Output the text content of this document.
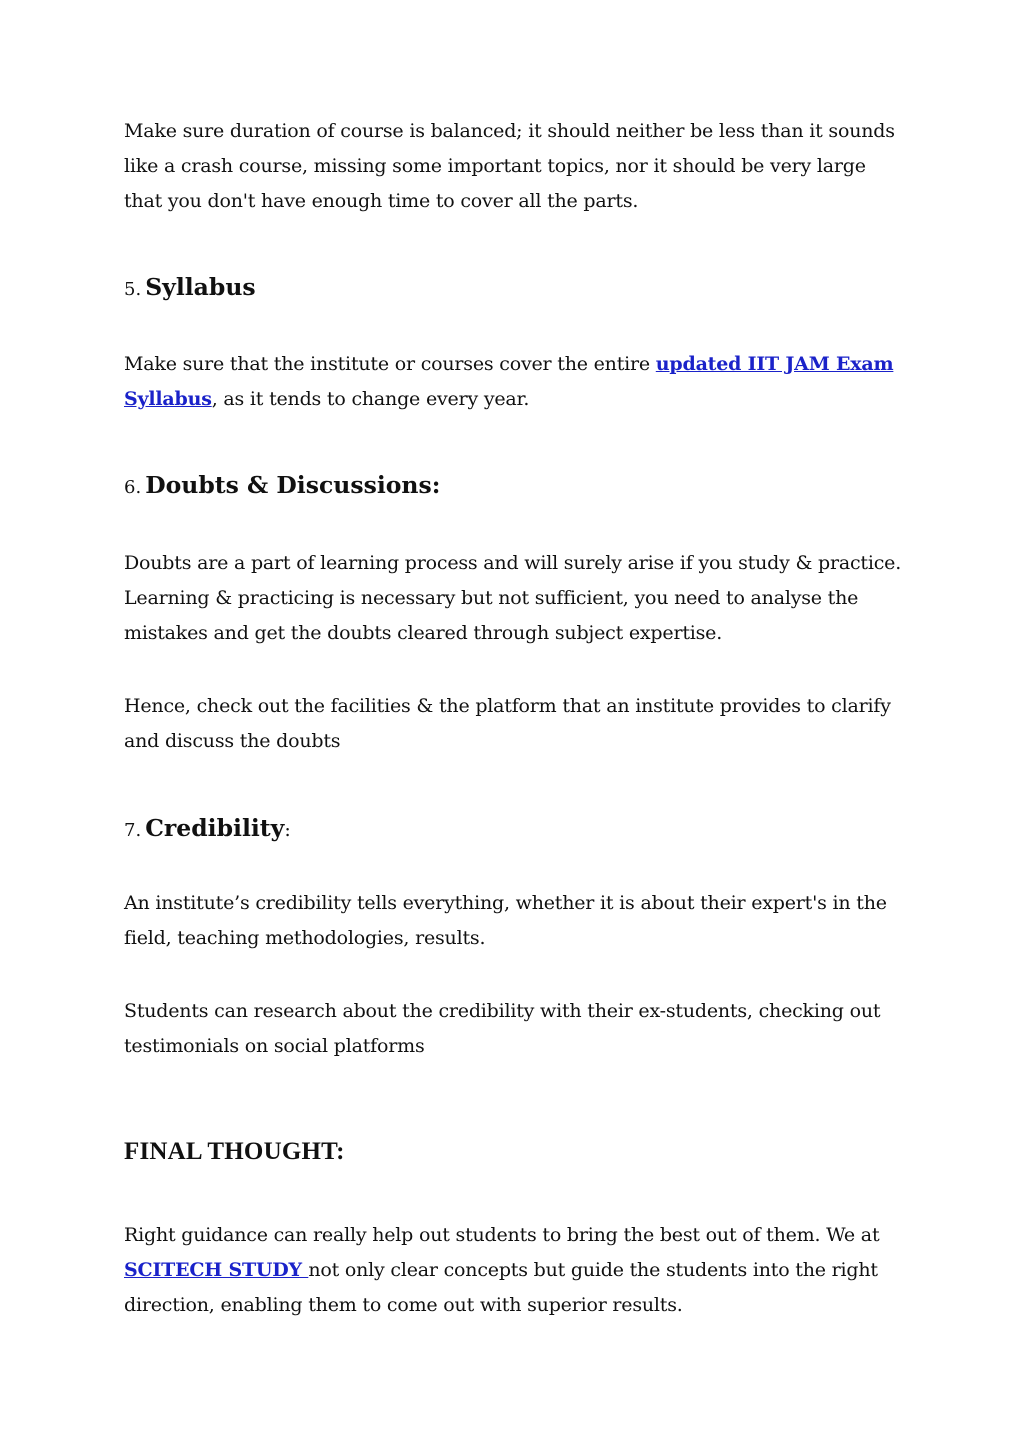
Make sure duration of course is balanced; it should neither be less than it sounds like a crash course, missing some important topics, nor it should be very large that you don't have enough time to cover all the parts.

5. Syllabus

Make sure that the institute or courses cover the entire updated IIT JAM Exam Syllabus, as it tends to change every year.

6. Doubts & Discussions:

Doubts are a part of learning process and will surely arise if you study & practice. Learning & practicing is necessary but not sufficient, you need to analyse the mistakes and get the doubts cleared through subject expertise.

Hence, check out the facilities & the platform that an institute provides to clarify and discuss the doubts

7. Credibility:

An institute’s credibility tells everything, whether it is about their expert's in the field, teaching methodologies, results.

Students can research about the credibility with their ex-students, checking out testimonials on social platforms

FINAL THOUGHT:

Right guidance can really help out students to bring the best out of them. We at SCITECH STUDY not only clear concepts but guide the students into the right direction, enabling them to come out with superior results.
